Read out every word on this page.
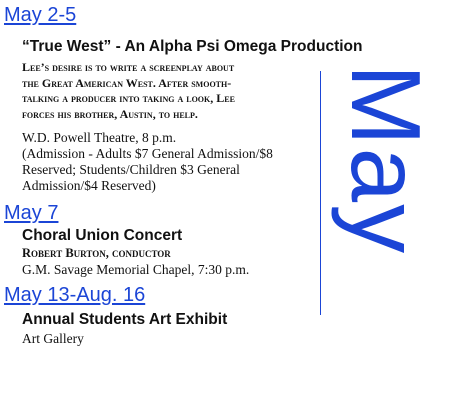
May 2-5
“True West” - An Alpha Psi Omega Production
Lee’s desire is to write a screenplay about
the Great American West. After smooth-
talking a producer into taking a look, Lee
forces his brother, Austin, to help.
W.D. Powell Theatre, 8 p.m.
(Admission - Adults $7 General Admission/$8
Reserved; Students/Children $3 General
Admission/$4 Reserved)
May 7
Choral Union Concert
Robert Burton, conductor
G.M. Savage Memorial Chapel, 7:30 p.m.
May 13-Aug. 16
Annual Students Art Exhibit
Art Gallery
May
